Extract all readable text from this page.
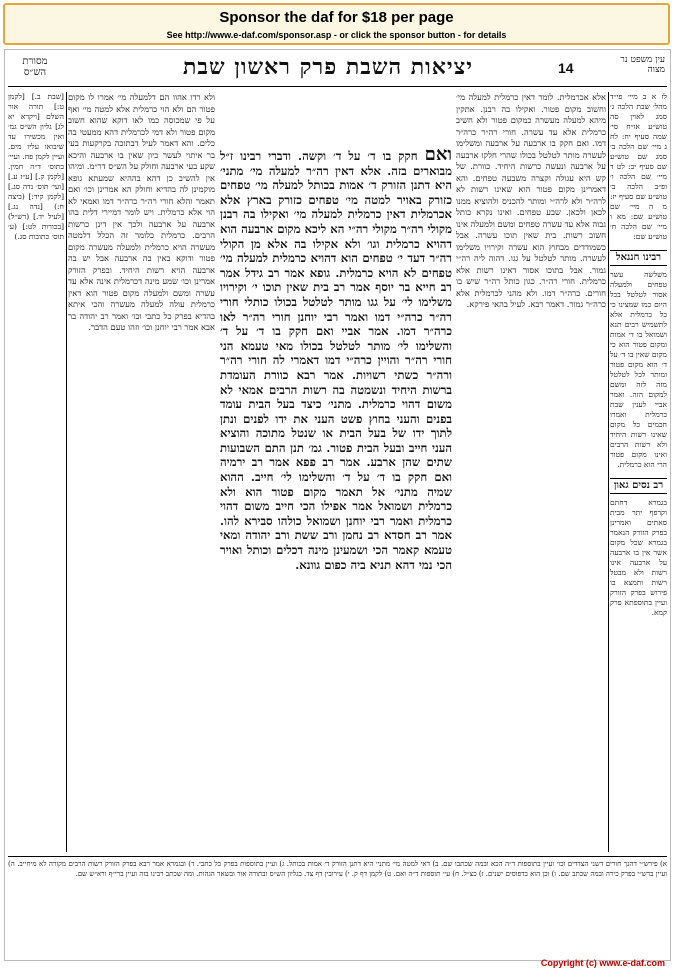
Sponsor the daf for $18 per page
See http://www.e-daf.com/sponsor.asp - or click the sponsor button - for details
מסורת הש״ס	יציאות השבת פרק ראשון שבת	14	עין משפט נר מצוה

[שבת ב.] [לקמן ט:] תורה אור השלם [ויקרא יא לג] גליון הש״ס גמ׳ ואין מכשירו עד שיבואו עליו מים. ועיין לקמן פח. ועיי׳ בתוס׳ ד״ה חמין. [לקמן ק.] [ע״ז ע.] [ועי׳ תוס׳ נדה סג.] [לקמן קיד:] (ביצה ח:) [נדה נג.] [לעיל יד.] (רש״ל) [בכורות לט:] (ע׳ תוס׳ כתובות סג.)

ולא רדו אהוו הם דלמעלה מי׳ אמרו לו מקום פטור הם ולא הוי כרמלית אלא למטה מי׳ ואף על פי שמכוסה כמו לאו דוקא שהוא חשוב מקום פטור ולא דמי לכרמלית דהא ממעטי בה כלים. והא דאמר לעיל דבתוכה בקרקעות בעי בר איתוי לעשר כיון שאין בו ארבעה והיכא שקע בעי ארבעה וחולק על הש״ס דר״מ. ומיהו אין להשיב כן דהא בההיא שמעתא גופא מוקמינן לה בהדיא וחולק הא אמרינן וכו׳ ואם תאמר והלא חורי רה״ר כרה״ר דמו ואמאי לא הוי אלא כרמלית. ויש לומר דמיירי דלית בהו ארבעה על ארבעה ולכך אין דינן כרשות הרבים. כרמלית כלומר זה הכלל דלמטה מעשרה הויא כרמלית ולמעלה מעשרה מקום פטור ודוקא באין בה ארבעה אבל יש בה ארבעה הויא רשות היחיד. ובפרק הזורק אמרינן וכו׳ שמע מינה דכרמלית אינה אלא עד עשרה ומשם ולמעלה מקום פטור הוא דאין כרמלית עולה למעלה מעשרה והכי איתא בהדיא בפרק כל כתבי וכו׳ ואמר רב יהודה בר אבא אמר רבי יוחנן וכו׳ וזהו טעם הדבר.

ואם חקק בו ד׳ על ד׳ וקשה. ודברי רבינו ז״ל מבוארים בזה. אלא דאין רה״ר למעלה מי׳ מתני׳ היא דתנן הזורק ד׳ אמות בכותל למעלה מי׳ טפחים כזורק באויר למטה מי׳ טפחים כזורק בארץ אלא אכרמלית דאין כרמלית למעלה מי׳ ואקילו בה רבנן מקולי רה״ר מקולי רה״י הא ליכא מקום ארבעה הוא דהויא כרמלית וגו׳ ולא אקילו בה אלא מן הקולי רה״ר דעד י׳ טפחים הוא דהויא כרמלית למעלה מי׳ טפחים לא הויא כרמלית. גופא אמר רב גידל אמר רב חייא בר יוסף אמר רב בית שאין תוכו י׳ וקירויו משלימו לי׳ על גגו מותר לטלטל בכולו כותלי חורי רה״ר כרה״י דמו ואמר רבי יוחנן חורי רה״ר לאו כרה״ר דמו. אמר אביי ואם חקק בו ד׳ על ד׳ והשלימו לי׳ מותר לטלטל בכולו מאי טעמא הני חורי רה״ר והויין כרה״י דמו דאמרי לה חורי רה״ר ורה״ר כשתי רשויות. אמר רבא כוורת העומדת ברשות היחיד ונשמטה בה רשות הרבים אמאי לא משום דהוי כרמלית. מתני׳ כיצד בעל הבית עומד בפנים והעני בחוץ פשט העני את ידו לפנים ונתן לתוך ידו של בעל הבית או שנטל מתוכה והוציא העני חייב ובעל הבית פטור. גמ׳ תנן התם השבועות שתים שהן ארבע. אמר רב פפא אמר רב ירמיה ואם חקק בו ד׳ על ד׳ והשלימו לי׳ חייב. ההוא שמיה מתני׳ אל תאמר מקום פטור הוא ולא כרמלית ושמואל אמר אפילו הכי חייב משום דהוי כרמלית ואמר רבי יוחנן ושמואל כולהו סבירא להו. אמר רב חסדא רב נחמן ורב ששת ורב יהודה ומאי טעמא קאמר הכי ושמעינן מינה דכלים וכותל ואויר הכי נמי דהא תניא ביה כפום גוונא.

אלא אכרמלית. לומר דאין כרמלית למעלה מי׳ וחשוב מקום פטור. ואקילו בה רבנן. אתקין מיהא למעלה מעשרה כמקום פטור ולא חשיב כרמלית אלא עד עשרה. חורי רה״ר כרה״ר דמו. ואם חקק בו ארבעה על ארבעה ומשלימו לעשרה מותר לטלטל בכולו שהרי חלקו ארבעה על ארבעה ונעשה כרשות היחיד. כוורת. של קש היא עגולה וקצרה משבעה טפחים. והא דאמרינן מקום פטור הוא שאינו רשות לא לרה״ר ולא לרה״י ומותר להכניס ולהוציא ממנו לכאן ולכאן. שבע טפחים. ואינו נקרא כותל גבוה אלא עד עשרה טפחים ומשם ולמעלה אינו חשוב רשות. בית שאין תוכו עשרה. אבל כשמודדים מבחוץ הוא עשרה וקירויו משלימו לעשרה. מותר לטלטל על גגו. דהוה ליה רה״י גמור. אבל בתוכו אסור דאינו רשות אלא כרמלית. חורי רה״ר. כגון כותל רה״ר שיש בו חורים. כרה״ר דמו. ולא מהני לכרמלית אלא כרה״ר גמור. דאמר רבא. לעיל בהאי פירקא.

לז א ב מיי׳ פי״ד מהל׳ שבת הלכה ג׳ סמג לאוין סה טוש״ע או״ח סי׳ שמה סעיף יח: לח ג מיי׳ שם הלכה ב׳ סמג שם טוש״ע שם סעיף יב: לט ד מיי׳ שם הלכה ו׳ ופ״ב הלכה ב׳ טוש״ע שם סעיף יז: מ ה מיי׳ שם טוש״ע שם: מא ו מיי׳ שם הלכה ח׳ טוש״ע שם:

רבינו חננאל

משלשה עשר טפחים ולמעלה אסור לטלטל בכל היום כמו שמצינו כי כל כרמלית אלא לתשמיש רבים תנא ושמואל בו ד׳ אמות ומקום פטור הוא כי מקום שאין בו ד׳ על ד׳ הוא מקום פטור ומותר לכל לטלטל מזה לזה ומשם למקום הזה. ואמר אביי לענין שבת כרמלית ואמרו חכמים כל מקום שאינו רשות היחיד ולא רשות הרבים ואינו מקום פטור הרי הוא כרמלית.

רב נסים גאון

בגמרא דחתם וקרפף יתר מבית סאתים ואמרינן בפרק הזורק הנאמר בגמרא שכל מקום אשר אין בו ארבעה על ארבעה אינו רשות ולא מבטל רשות ותמצא בו פירוש בפרק הזורק ועיין בתוספתא פרק קמא.

א) פירש״י דהנך חורים דשני הצדדים וכו׳ ועיין בתוספות ד״ה הכא ובמה שכתבו שם. ב) דאי למטה מי׳ מתני׳ היא דתנן הזורק ד׳ אמות בכותל. ג) ועיין בתוספות בפרק כל כתבי. ד) ובגמרא אמר רבא בפרק הזורק רשות הרבים מקורה לא מיחייב. ה) ועיין ברש״י בפרק כירה ובמה שכתב שם. ו) וכן הוא בדפוסים ישנים. ז) כצ״ל. ח) עי׳ תוספות ד״ה ואם. ט) לקמן דף ק. י) עירובין דף צד. בגליון הש״ס ובתורה אור ובשאר הגהות. ומה שכתב רבינו בזה ועיין ברי״ף ורא״ש שם.
Copyright (c) www.e-daf.com
